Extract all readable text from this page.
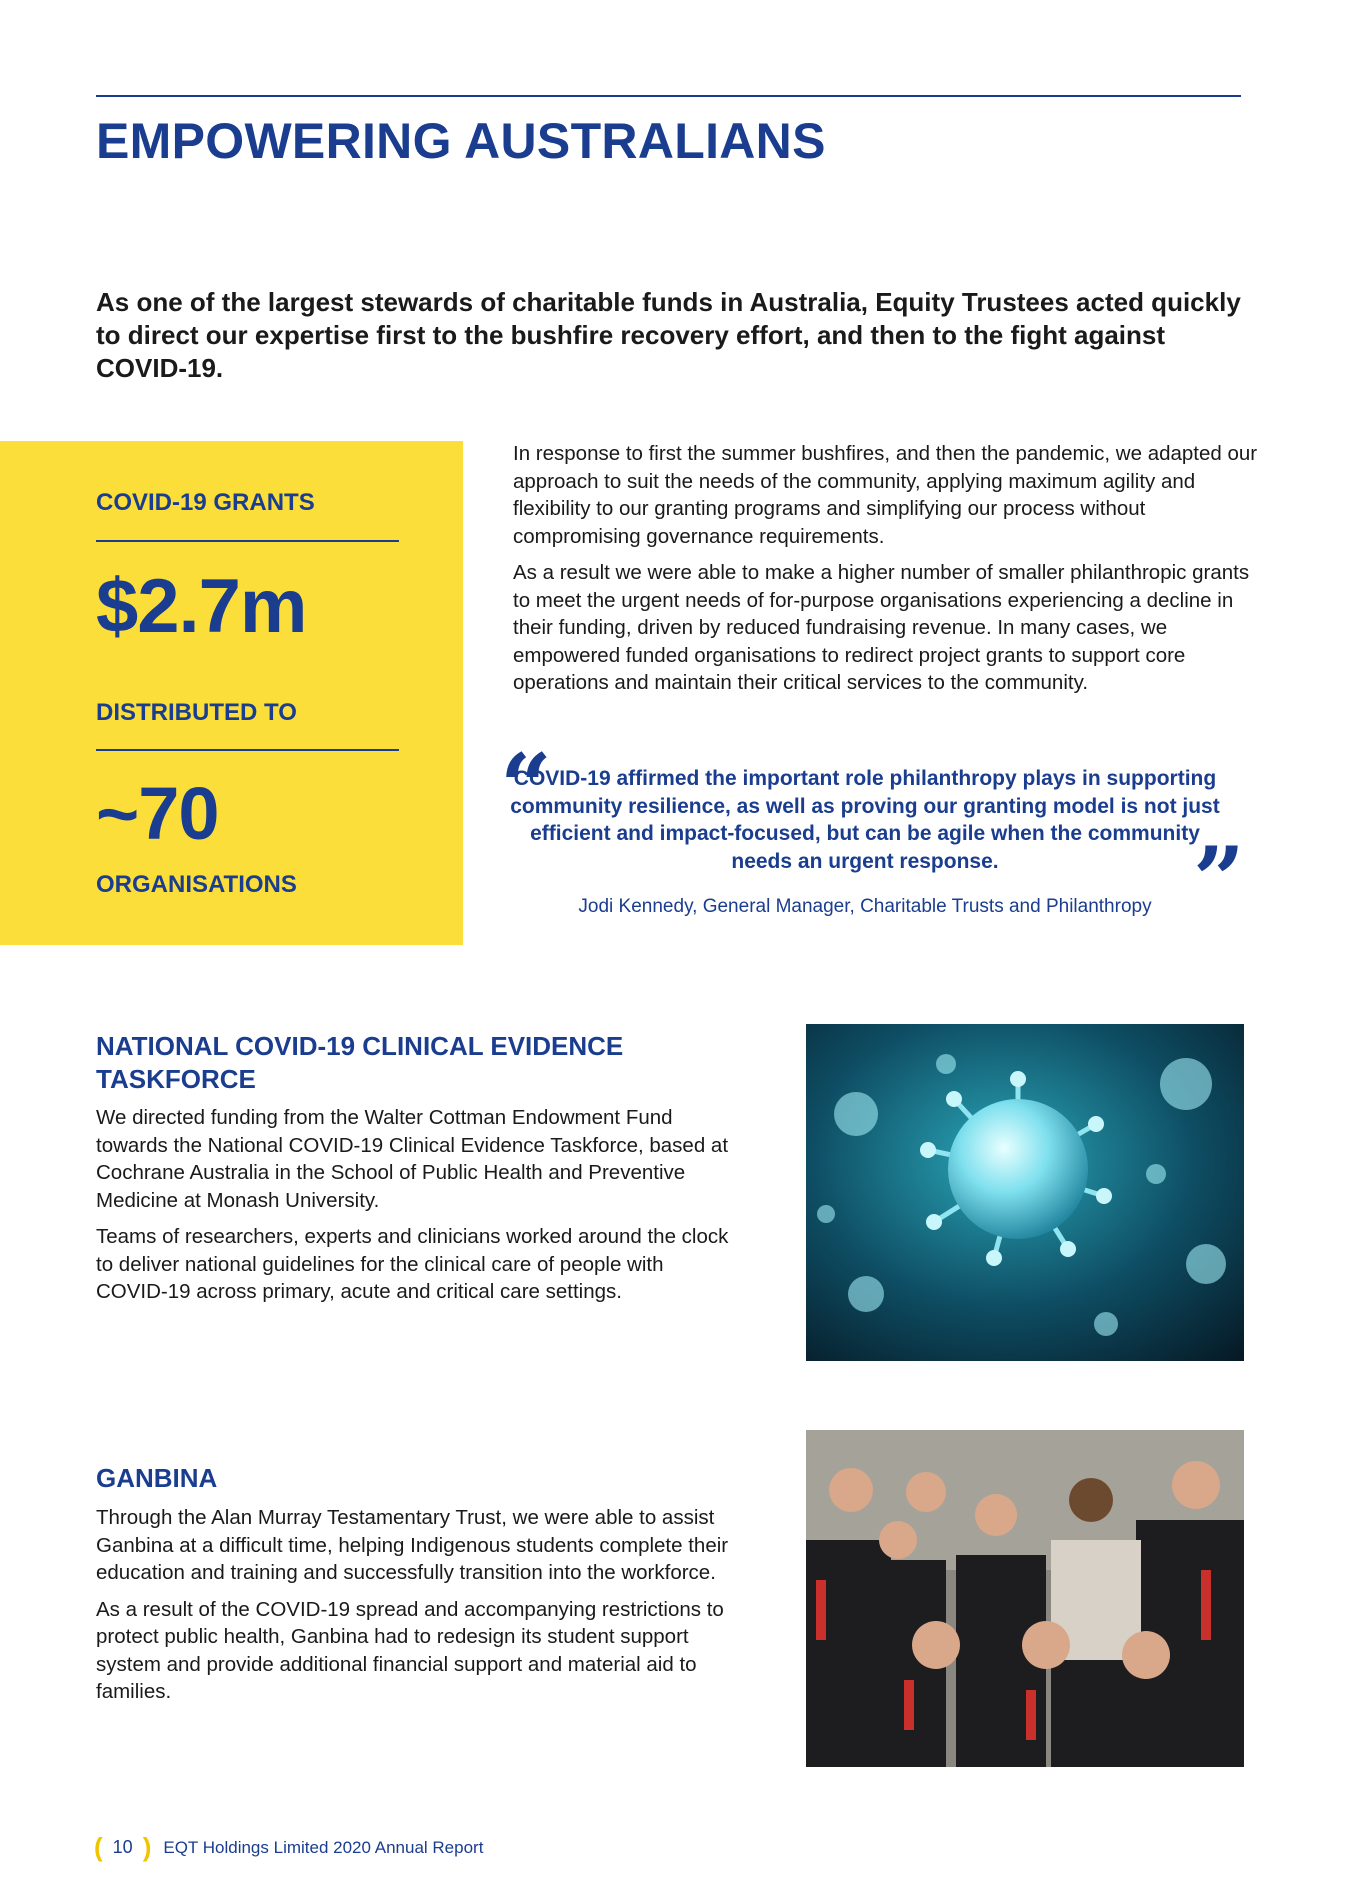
EMPOWERING AUSTRALIANS

As one of the largest stewards of charitable funds in Australia, Equity Trustees acted quickly to direct our expertise first to the bushfire recovery effort, and then to the fight against COVID-19.

COVID-19 GRANTS

$2.7m

DISTRIBUTED TO

~70

ORGANISATIONS

In response to first the summer bushfires, and then the pandemic, we adapted our approach to suit the needs of the community, applying maximum agility and flexibility to our granting programs and simplifying our process without compromising governance requirements.

As a result we were able to make a higher number of smaller philanthropic grants to meet the urgent needs of for-purpose organisations experiencing a decline in their funding, driven by reduced fundraising revenue. In many cases, we empowered funded organisations to redirect project grants to support core operations and maintain their critical services to the community.

“

COVID-19 affirmed the important role philanthropy plays in supporting community resilience, as well as proving our granting model is not just efficient and impact-focused, but can be agile when the community needs an urgent response.	”

Jodi Kennedy, General Manager, Charitable Trusts and Philanthropy

NATIONAL COVID-19 CLINICAL EVIDENCE TASKFORCE

We directed funding from the Walter Cottman Endowment Fund towards the National COVID-19 Clinical Evidence Taskforce, based at Cochrane Australia in the School of Public Health and Preventive Medicine at Monash University.

Teams of researchers, experts and clinicians worked around the clock to deliver national guidelines for the clinical care of people with COVID-19 across primary, acute and critical care settings.

GANBINA

Through the Alan Murray Testamentary Trust, we were able to assist Ganbina at a difficult time, helping Indigenous students complete their education and training and successfully transition into the workforce.

As a result of the COVID-19 spread and accompanying restrictions to protect public health, Ganbina had to redesign its student support system and provide additional financial support and material aid to families.

( 10 ) EQT Holdings Limited 2020 Annual Report
